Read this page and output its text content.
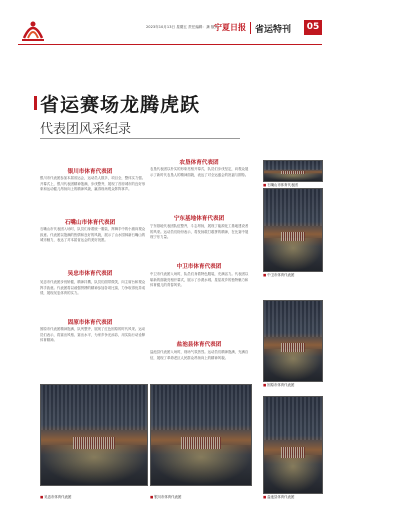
2023年10月13日 星期五 责任编辑：龚 版式：
宁夏日报 省运特刊	05
省运赛场龙腾虎跃
代表团风采纪录
银川市体育代表团
银川市代表团参加本届省运会，运动员人数多，项目全，整体实力强。开幕式上，银川代表团精神饱满，步伐整齐，展现了首府城市的良好形象和运动健儿昂扬向上的精神风貌，赢得现场观众阵阵掌声。
石嘴山市体育代表团
石嘴山市代表团入场时，队员们身着统一服装，挥舞手中的小旗向观众致意。代表团以饱满的热情和良好的风貌，展示了山水园林新石嘴山的城市魅力，表达了对本届省运会的美好祝愿。
吴忠市体育代表团
吴忠市代表团步伐矫健，精神抖擞，队员们面带微笑，向主席台和观众挥手致意。代表团将以顽强拼搏的精神参加各项比赛，力争取得优异成绩，展现吴忠体育的实力。
固原市体育代表团
固原市代表团精神饱满，队列整齐，展现了红色固原的时代风采。运动员们表示，将赛出风格、赛出水平，为家乡争光添彩，用实际行动诠释体育精神。
农垦体育代表团
农垦代表团以朴实的形象亮相开幕式，队员们步伐坚定，向观众展示了新时代农垦人的精神面貌，表达了对全运盛会的祝福与期待。
宁东基地体育代表团
宁东基地代表团队伍整齐，斗志昂扬，展现了能源化工基地建设者的风采。运动员们纷纷表示，将发扬敢打敢拼的精神，在比赛中展现宁东力量。
中卫市体育代表团
中卫市代表团入场时，队员们身着特色服装，充满活力。代表团以崭新的面貌亮相开幕式，展示了沙漠水城、星星故乡的独特魅力和体育健儿的青春风采。
盐池县体育代表团
盐池县代表团入场时，现场气氛热烈。运动员们精神饱满，充满自信，展现了革命老区人民群众昂扬向上的精神风貌。
■ 石嘴山市体育代表团
■ 固原市体育代表团
■ 盐池县体育代表团
■ 吴忠市体育代表团
■	银川市体育代表团
■ 中卫市体育代表团
